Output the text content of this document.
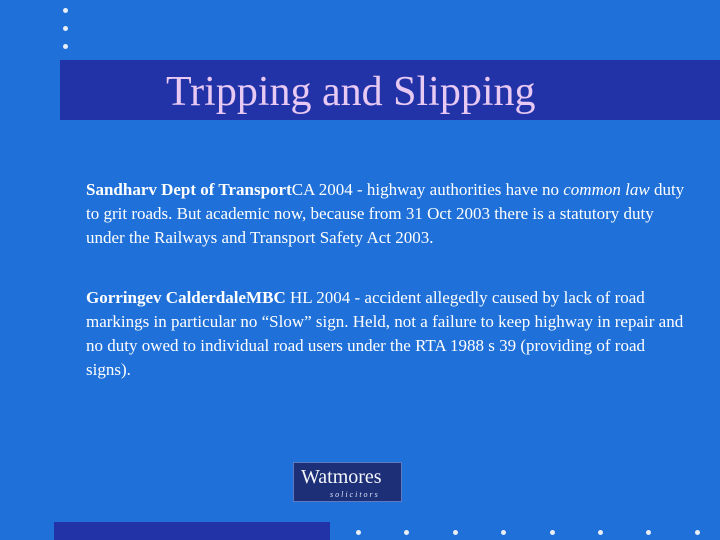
Tripping and Slipping
Sandharv Dept of TransportCA 2004 - highway authorities have no common law duty to grit roads. But academic now, because from 31 Oct 2003 there is a statutory duty under the Railways and Transport Safety Act 2003.
Gorringev CalderdaleMBC HL 2004 - accident allegedly caused by lack of road markings in particular no “Slow” sign. Held, not a failure to keep highway in repair and no duty owed to individual road users under the RTA 1988 s 39 (providing of road signs).
Watmores
solicitors
